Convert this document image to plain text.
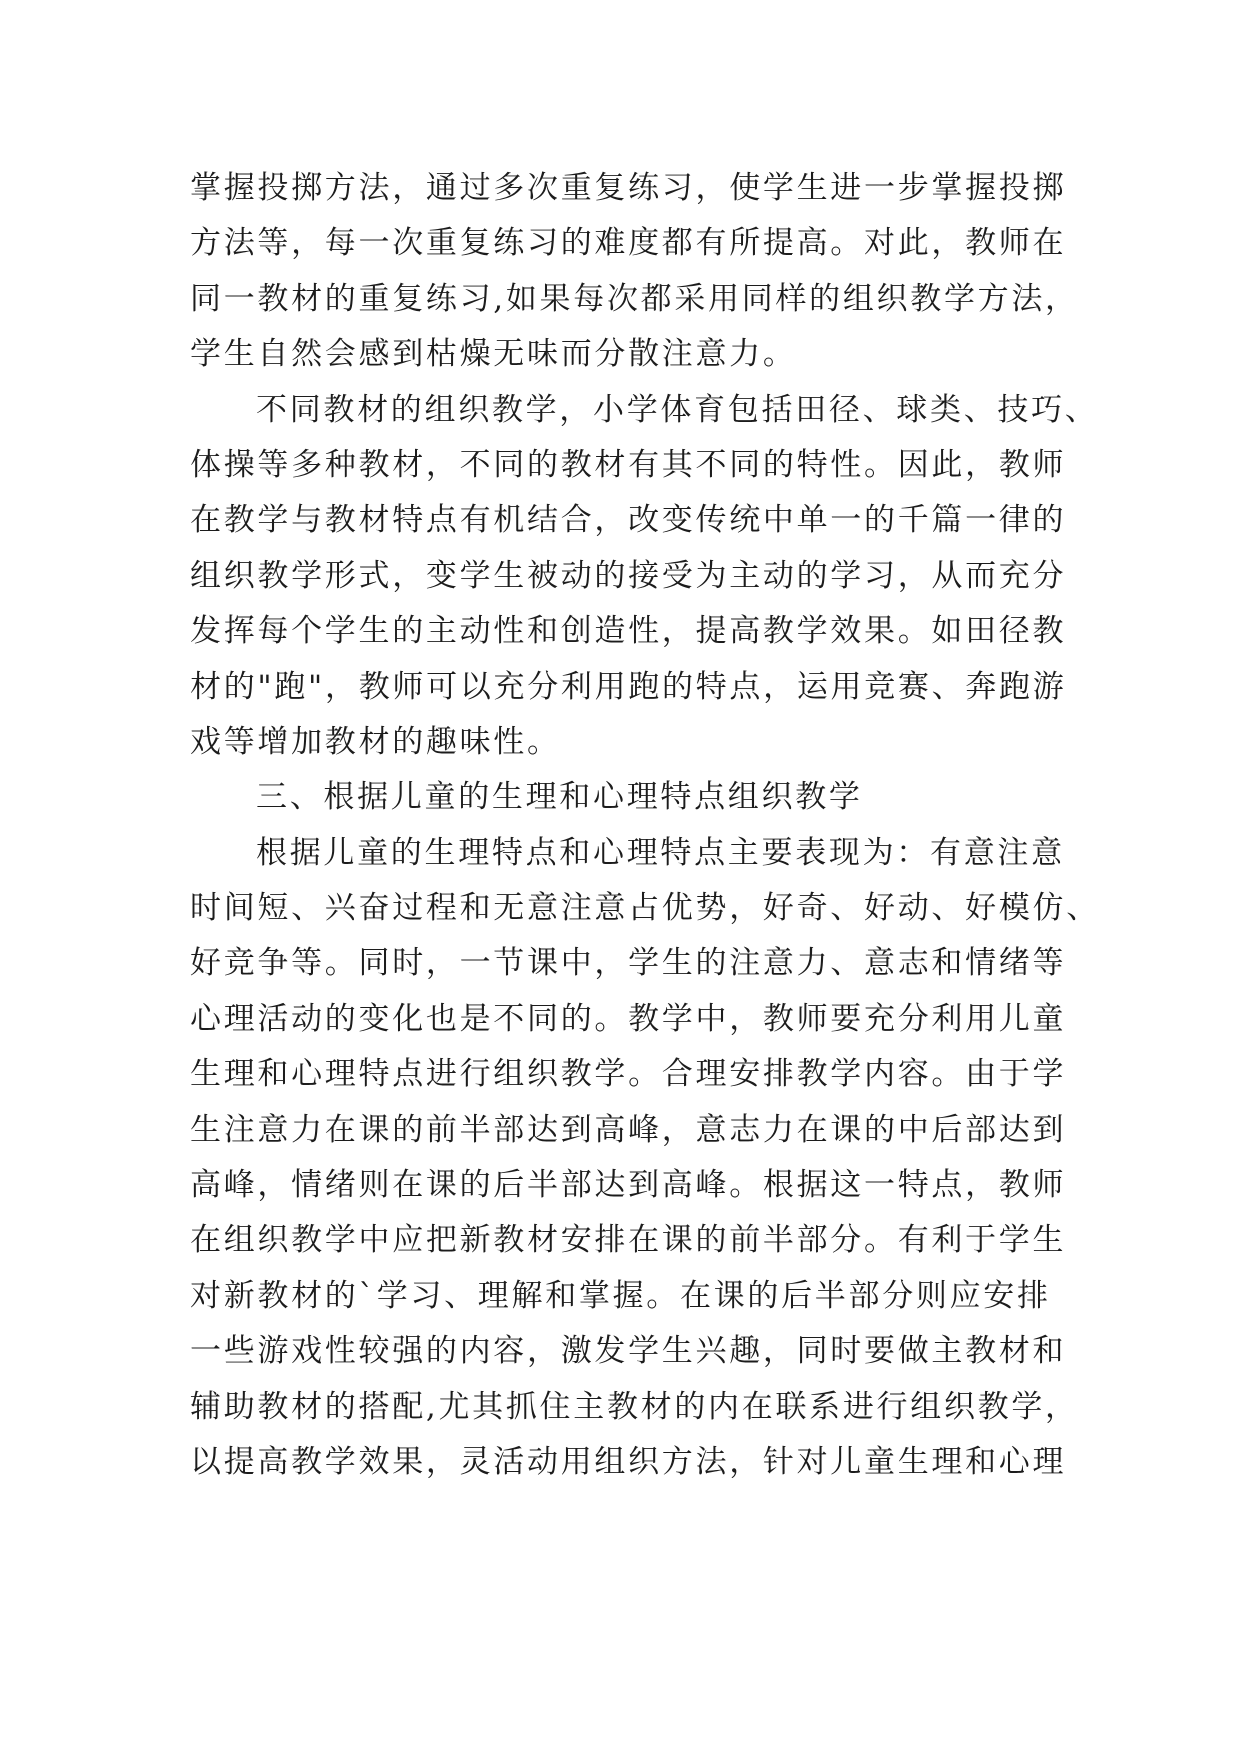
掌握投掷方法，通过多次重复练习，使学生进一步掌握投掷
方法等，每一次重复练习的难度都有所提高。对此，教师在
同一教材的重复练习,如果每次都采用同样的组织教学方法，
学生自然会感到枯燥无味而分散注意力。
不同教材的组织教学，小学体育包括田径、球类、技巧、
体操等多种教材，不同的教材有其不同的特性。因此，教师
在教学与教材特点有机结合，改变传统中单一的千篇一律的
组织教学形式，变学生被动的接受为主动的学习，从而充分
发挥每个学生的主动性和创造性，提高教学效果。如田径教
材的"跑"，教师可以充分利用跑的特点，运用竞赛、奔跑游
戏等增加教材的趣味性。
三、根据儿童的生理和心理特点组织教学
根据儿童的生理特点和心理特点主要表现为：有意注意
时间短、兴奋过程和无意注意占优势，好奇、好动、好模仿、
好竞争等。同时，一节课中，学生的注意力、意志和情绪等
心理活动的变化也是不同的。教学中，教师要充分利用儿童
生理和心理特点进行组织教学。合理安排教学内容。由于学
生注意力在课的前半部达到高峰，意志力在课的中后部达到
高峰，情绪则在课的后半部达到高峰。根据这一特点，教师
在组织教学中应把新教材安排在课的前半部分。有利于学生
对新教材的`学习、理解和掌握。在课的后半部分则应安排
一些游戏性较强的内容，激发学生兴趣，同时要做主教材和
辅助教材的搭配,尤其抓住主教材的内在联系进行组织教学，
以提高教学效果，灵活动用组织方法，针对儿童生理和心理
